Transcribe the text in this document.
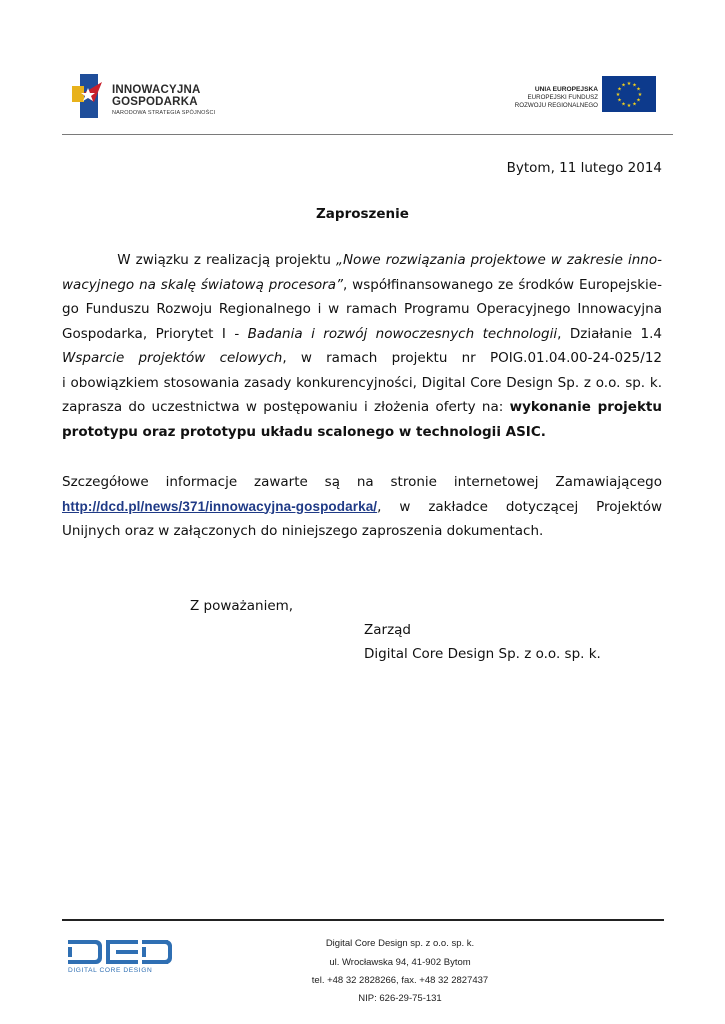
INNOWACYJNA
GOSPODARKA
NARODOWA STRATEGIA SPÓJNOŚCI
UNIA EUROPEJSKA
EUROPEJSKI FUNDUSZ
ROZWOJU REGIONALNEGO
★ ★
★
★
★
★
★
★
★
★
★
★
Bytom, 11 lutego 2014
Zaproszenie
W związku z realizacją projektu „Nowe rozwiązania projektowe w zakresie inno-
wacyjnego na skalę światową procesora”, współfinansowanego ze środków Europejskie-
go Funduszu Rozwoju Regionalnego i w ramach Programu Operacyjnego Innowacyjna
Gospodarka, Priorytet I - Badania i rozwój nowoczesnych technologii, Działanie 1.4
Wsparcie projektów celowych, w ramach projektu nr POIG.01.04.00-24-025/12
i obowiązkiem stosowania zasady konkurencyjności, Digital Core Design Sp. z o.o. sp. k.
zaprasza do uczestnictwa w postępowaniu i złożenia oferty na: wykonanie projektu
prototypu oraz prototypu układu scalonego w technologii ASIC.
Szczegółowe informacje zawarte są na stronie internetowej Zamawiającego
http://dcd.pl/news/371/innowacyjna-gospodarka/, w zakładce dotyczącej Projektów
Unijnych oraz w załączonych do niniejszego zaproszenia dokumentach.
Z poważaniem,
Zarząd
Digital Core Design Sp. z o.o. sp. k.
DIGITAL CORE DESIGN
Digital Core Design sp. z o.o. sp. k.
ul. Wrocławska 94, 41-902 Bytom
tel. +48 32 2828266, fax. +48 32 2827437
NIP: 626-29-75-131
